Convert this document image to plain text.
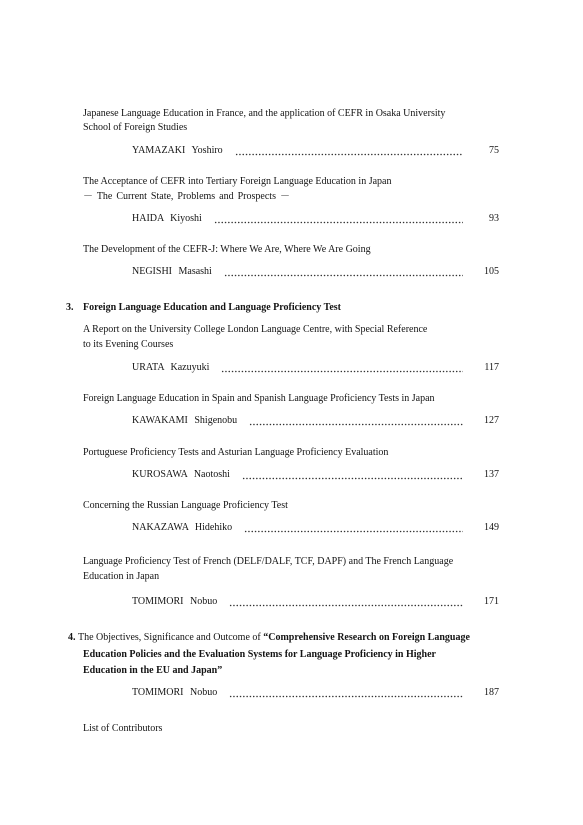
Japanese Language Education in France, and the application of CEFR in Osaka University
School of Foreign Studies
YAMAZAKI Yoshiro	75
The Acceptance of CEFR into Tertiary Foreign Language Education in Japan
－ The Current State, Problems and Prospects －
HAIDA Kiyoshi	93
The Development of the CEFR-J: Where We Are, Where We Are Going
NEGISHI Masashi	105
3. Foreign Language Education and Language Proficiency Test
A Report on the University College London Language Centre, with Special Reference
to its Evening Courses
URATA Kazuyuki	117
Foreign Language Education in Spain and Spanish Language Proficiency Tests in Japan
KAWAKAMI Shigenobu	127
Portuguese Proficiency Tests and Asturian Language Proficiency Evaluation
KUROSAWA Naotoshi	137
Concerning the Russian Language Proficiency Test
NAKAZAWA Hidehiko	149
Language Proficiency Test of French (DELF/DALF, TCF, DAPF) and The French Language
Education in Japan
TOMIMORI Nobuo	171
4. The Objectives, Significance and Outcome of “Comprehensive Research on Foreign Language
Education Policies and the Evaluation Systems for Language Proficiency in Higher
Education in the EU and Japan”
TOMIMORI Nobuo	187
List of Contributors
